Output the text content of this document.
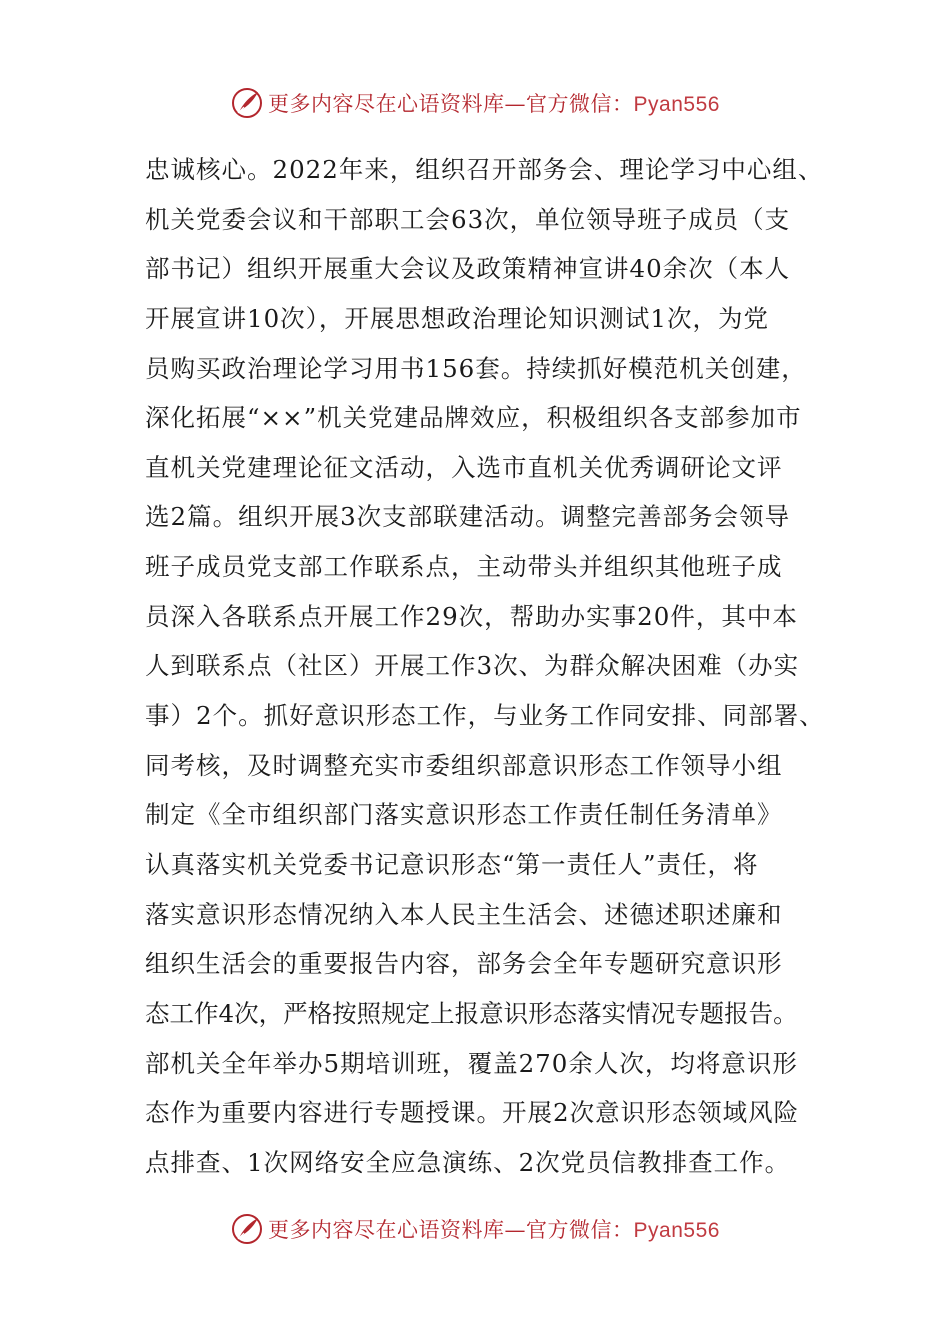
更多内容尽在心语资料库—官方微信：Pyan556
忠诚核心。2022年来，组织召开部务会、理论学习中心组、
机关党委会议和干部职工会63次，单位领导班子成员（支
部书记）组织开展重大会议及政策精神宣讲40余次（本人
开展宣讲10次），开展思想政治理论知识测试1次，为党
员购买政治理论学习用书156套。持续抓好模范机关创建，
深化拓展“××”机关党建品牌效应，积极组织各支部参加市
直机关党建理论征文活动，入选市直机关优秀调研论文评
选2篇。组织开展3次支部联建活动。调整完善部务会领导
班子成员党支部工作联系点，主动带头并组织其他班子成
员深入各联系点开展工作29次，帮助办实事20件，其中本
人到联系点（社区）开展工作3次、为群众解决困难（办实
事）2个。抓好意识形态工作，与业务工作同安排、同部署、
同考核，及时调整充实市委组织部意识形态工作领导小组
制定《全市组织部门落实意识形态工作责任制任务清单》
认真落实机关党委书记意识形态“第一责任人”责任，将
落实意识形态情况纳入本人民主生活会、述德述职述廉和
组织生活会的重要报告内容，部务会全年专题研究意识形
态工作4次，严格按照规定上报意识形态落实情况专题报告。
部机关全年举办5期培训班，覆盖270余人次，均将意识形
态作为重要内容进行专题授课。开展2次意识形态领域风险
点排查、1次网络安全应急演练、2次党员信教排查工作。
更多内容尽在心语资料库—官方微信：Pyan556
